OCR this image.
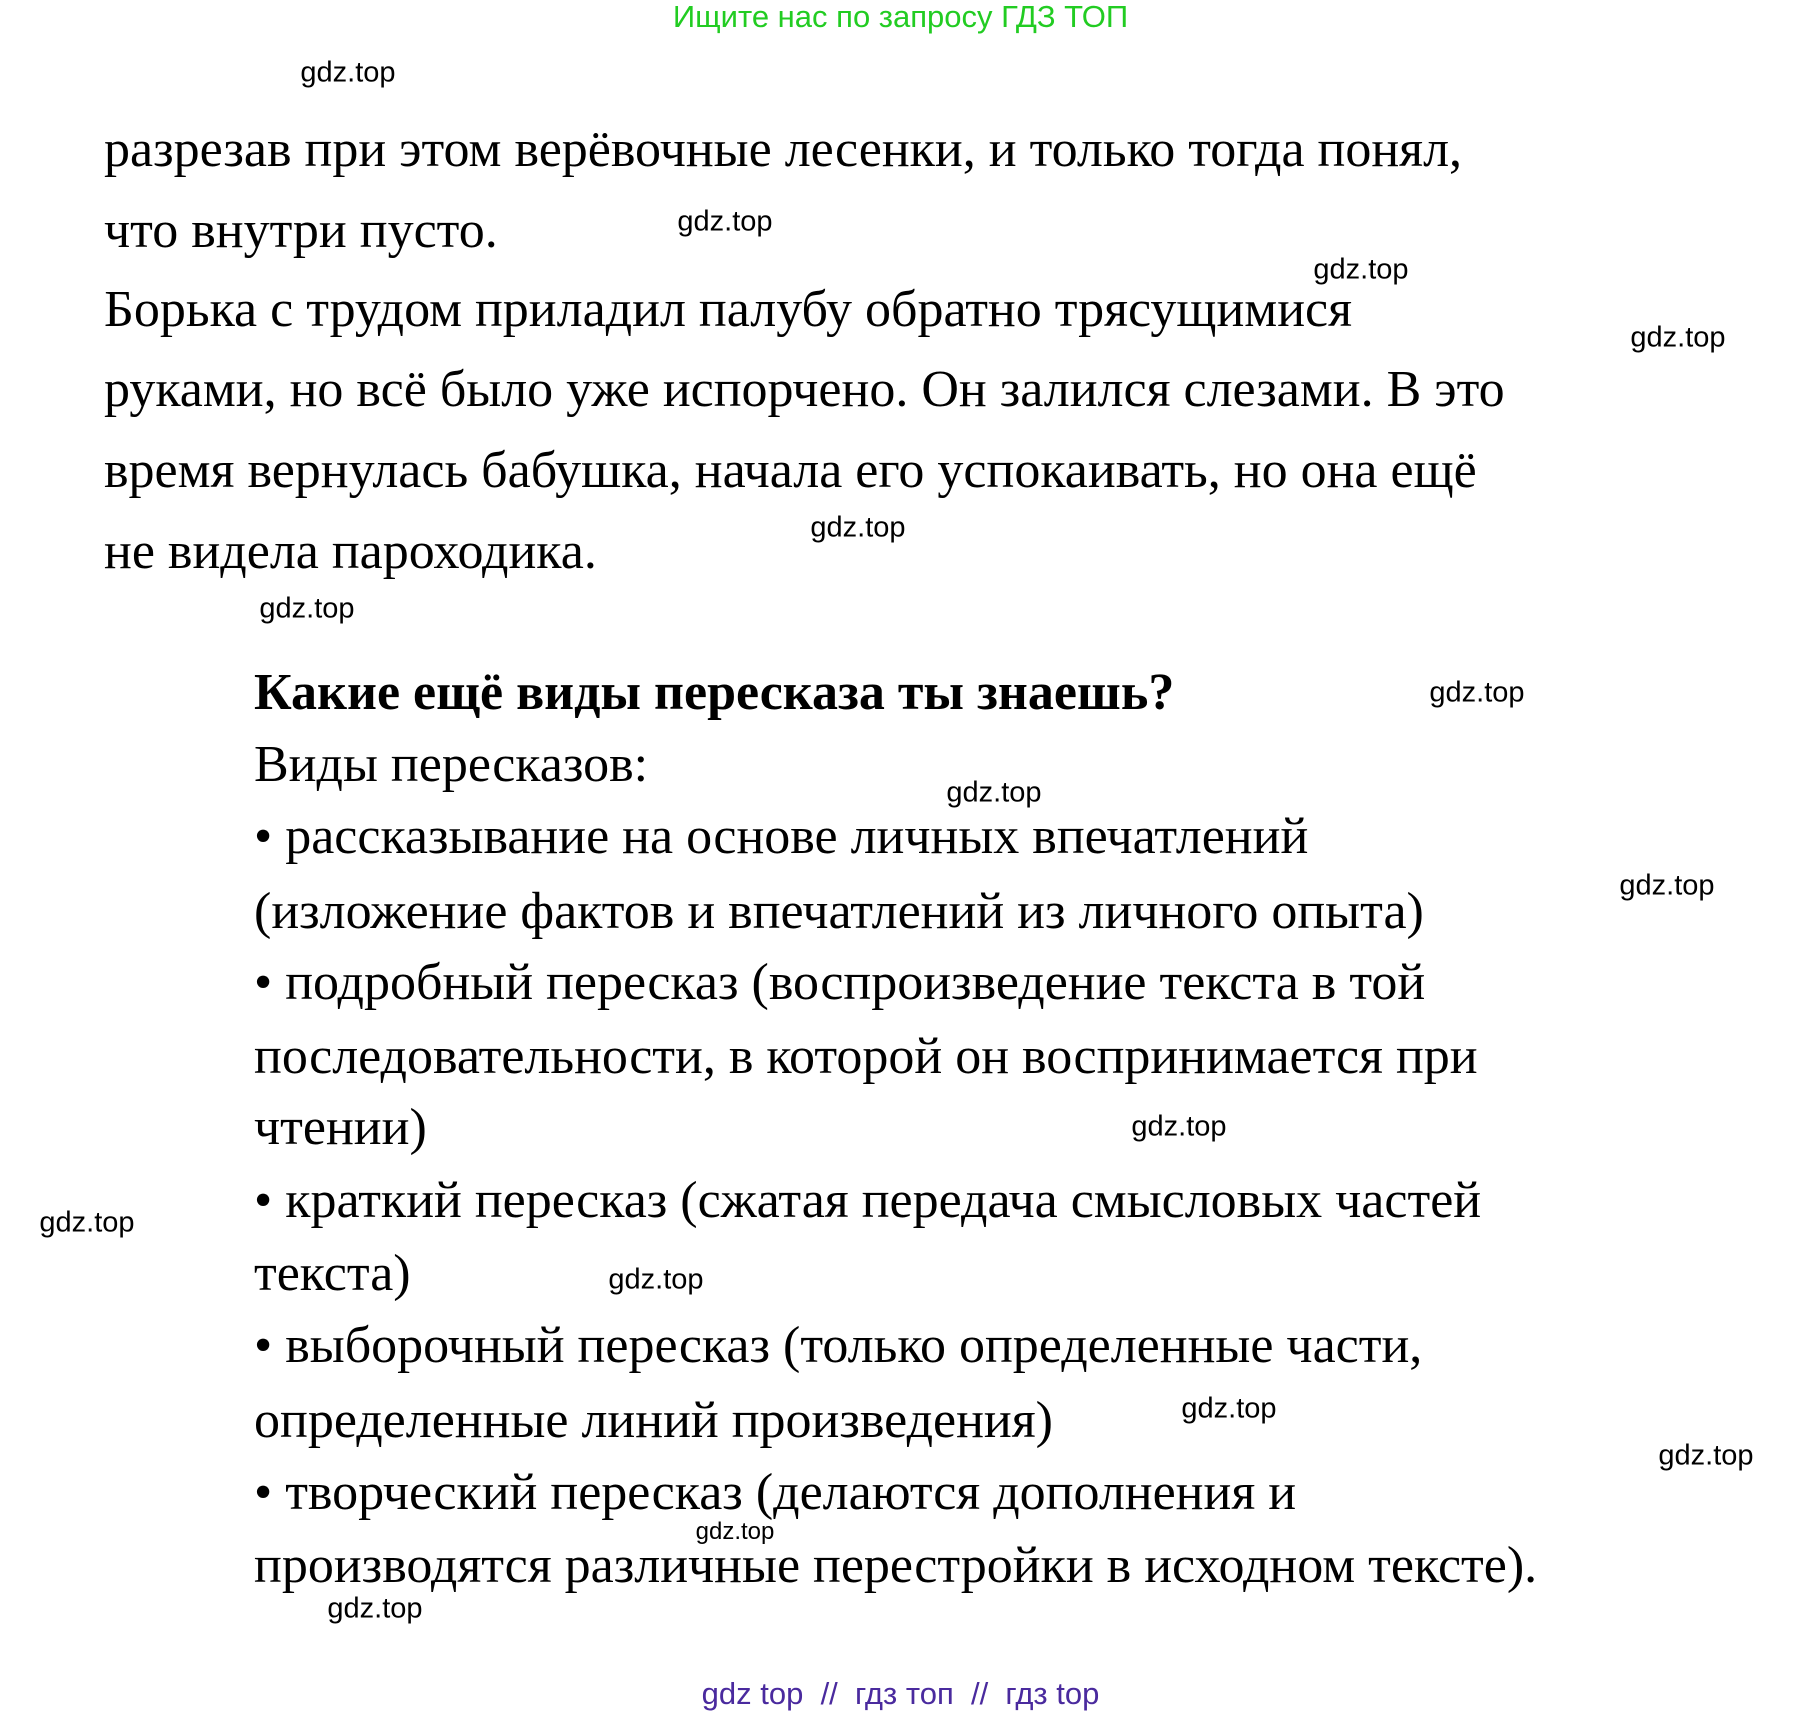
Ищите нас по запросу ГДЗ ТОП
разрезав при этом верёвочные лесенки, и только тогда понял,
что внутри пусто.
Борька с трудом приладил палубу обратно трясущимися
руками, но всё было уже испорчено. Он залился слезами. В это
время вернулась бабушка, начала его успокаивать, но она ещё
не видела пароходика.
Какие ещё виды пересказа ты знаешь?
Виды пересказов:
• рассказывание на основе личных впечатлений
(изложение фактов и впечатлений из личного опыта)
• подробный пересказ (воспроизведение текста в той
последовательности, в которой он воспринимается при
чтении)
• краткий пересказ (сжатая передача смысловых частей
текста)
• выборочный пересказ (только определенные части,
определенные линий произведения)
• творческий пересказ (делаются дополнения и
производятся различные перестройки в исходном тексте).
gdz.top
gdz.top
gdz.top
gdz.top
gdz.top
gdz.top
gdz.top
gdz.top
gdz.top
gdz.top
gdz.top
gdz.top
gdz.top
gdz.top
gdz.top
gdz.top
gdz top  //  гдз топ  //  гдз top
